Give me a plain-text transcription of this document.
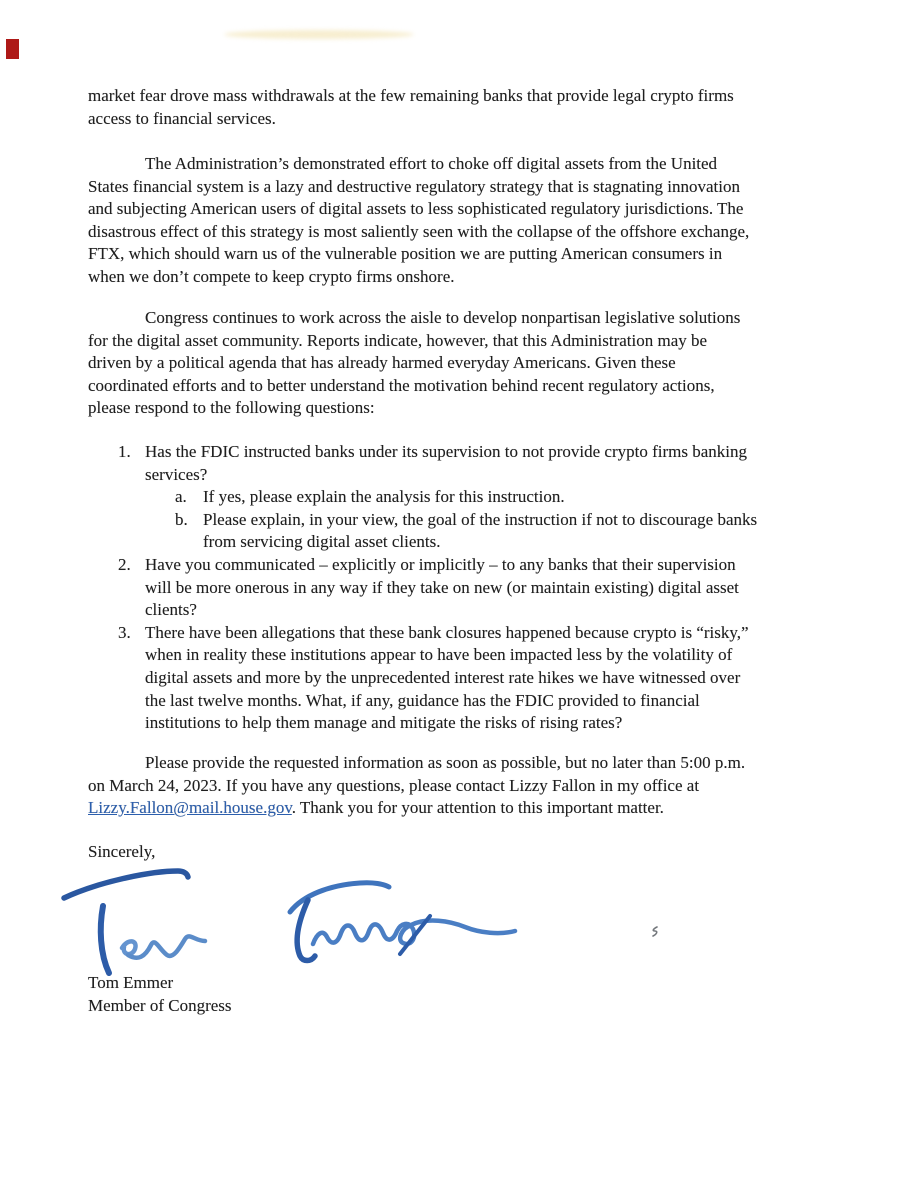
market fear drove mass withdrawals at the few remaining banks that provide legal crypto firms
access to financial services.
The Administration’s demonstrated effort to choke off digital assets from the United
States financial system is a lazy and destructive regulatory strategy that is stagnating innovation
and subjecting American users of digital assets to less sophisticated regulatory jurisdictions. The
disastrous effect of this strategy is most saliently seen with the collapse of the offshore exchange,
FTX, which should warn us of the vulnerable position we are putting American consumers in
when we don’t compete to keep crypto firms onshore.
Congress continues to work across the aisle to develop nonpartisan legislative solutions
for the digital asset community. Reports indicate, however, that this Administration may be
driven by a political agenda that has already harmed everyday Americans. Given these
coordinated efforts and to better understand the motivation behind recent regulatory actions,
please respond to the following questions:
1. Has the FDIC instructed banks under its supervision to not provide crypto firms banking
services?
a. If yes, please explain the analysis for this instruction.
b. Please explain, in your view, the goal of the instruction if not to discourage banks
from servicing digital asset clients.
2. Have you communicated – explicitly or implicitly – to any banks that their supervision
will be more onerous in any way if they take on new (or maintain existing) digital asset
clients?
3. There have been allegations that these bank closures happened because crypto is “risky,”
when in reality these institutions appear to have been impacted less by the volatility of
digital assets and more by the unprecedented interest rate hikes we have witnessed over
the last twelve months. What, if any, guidance has the FDIC provided to financial
institutions to help them manage and mitigate the risks of rising rates?
Please provide the requested information as soon as possible, but no later than 5:00 p.m.
on March 24, 2023. If you have any questions, please contact Lizzy Fallon in my office at
Lizzy.Fallon@mail.house.gov. Thank you for your attention to this important matter.
Sincerely,
Tom Emmer
Member of Congress
